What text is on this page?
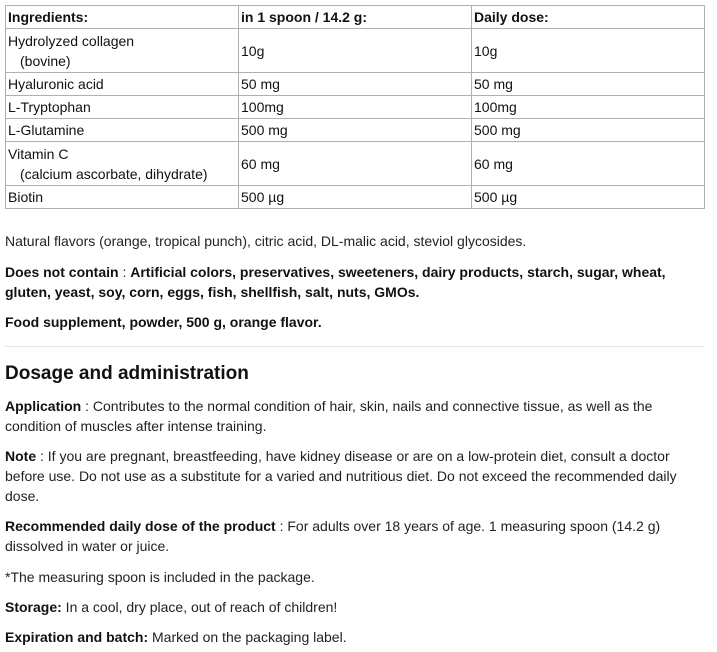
Ingredients:	in 1 spoon / 14.2 g:	Daily dose:
Hydrolyzed collagen
(bovine)	10g	10g
Hyaluronic acid	50 mg	50 mg
L-Tryptophan	100mg	100mg
L-Glutamine	500 mg	500 mg
Vitamin C
(calcium ascorbate, dihydrate)	60 mg	60 mg
Biotin	500 µg	500 µg

Natural flavors (orange, tropical punch), citric acid, DL-malic acid, steviol glycosides.

Does not contain : Artificial colors, preservatives, sweeteners, dairy products, starch, sugar, wheat, gluten, yeast, soy, corn, eggs, fish, shellfish, salt, nuts, GMOs.

Food supplement, powder, 500 g, orange flavor.

Dosage and administration

Application : Contributes to the normal condition of hair, skin, nails and connective tissue, as well as the condition of muscles after intense training.

Note : If you are pregnant, breastfeeding, have kidney disease or are on a low-protein diet, consult a doctor before use. Do not use as a substitute for a varied and nutritious diet. Do not exceed the recommended daily dose.

Recommended daily dose of the product : For adults over 18 years of age. 1 measuring spoon (14.2 g) dissolved in water or juice.

*The measuring spoon is included in the package.

Storage: In a cool, dry place, out of reach of children!

Expiration and batch: Marked on the packaging label.
